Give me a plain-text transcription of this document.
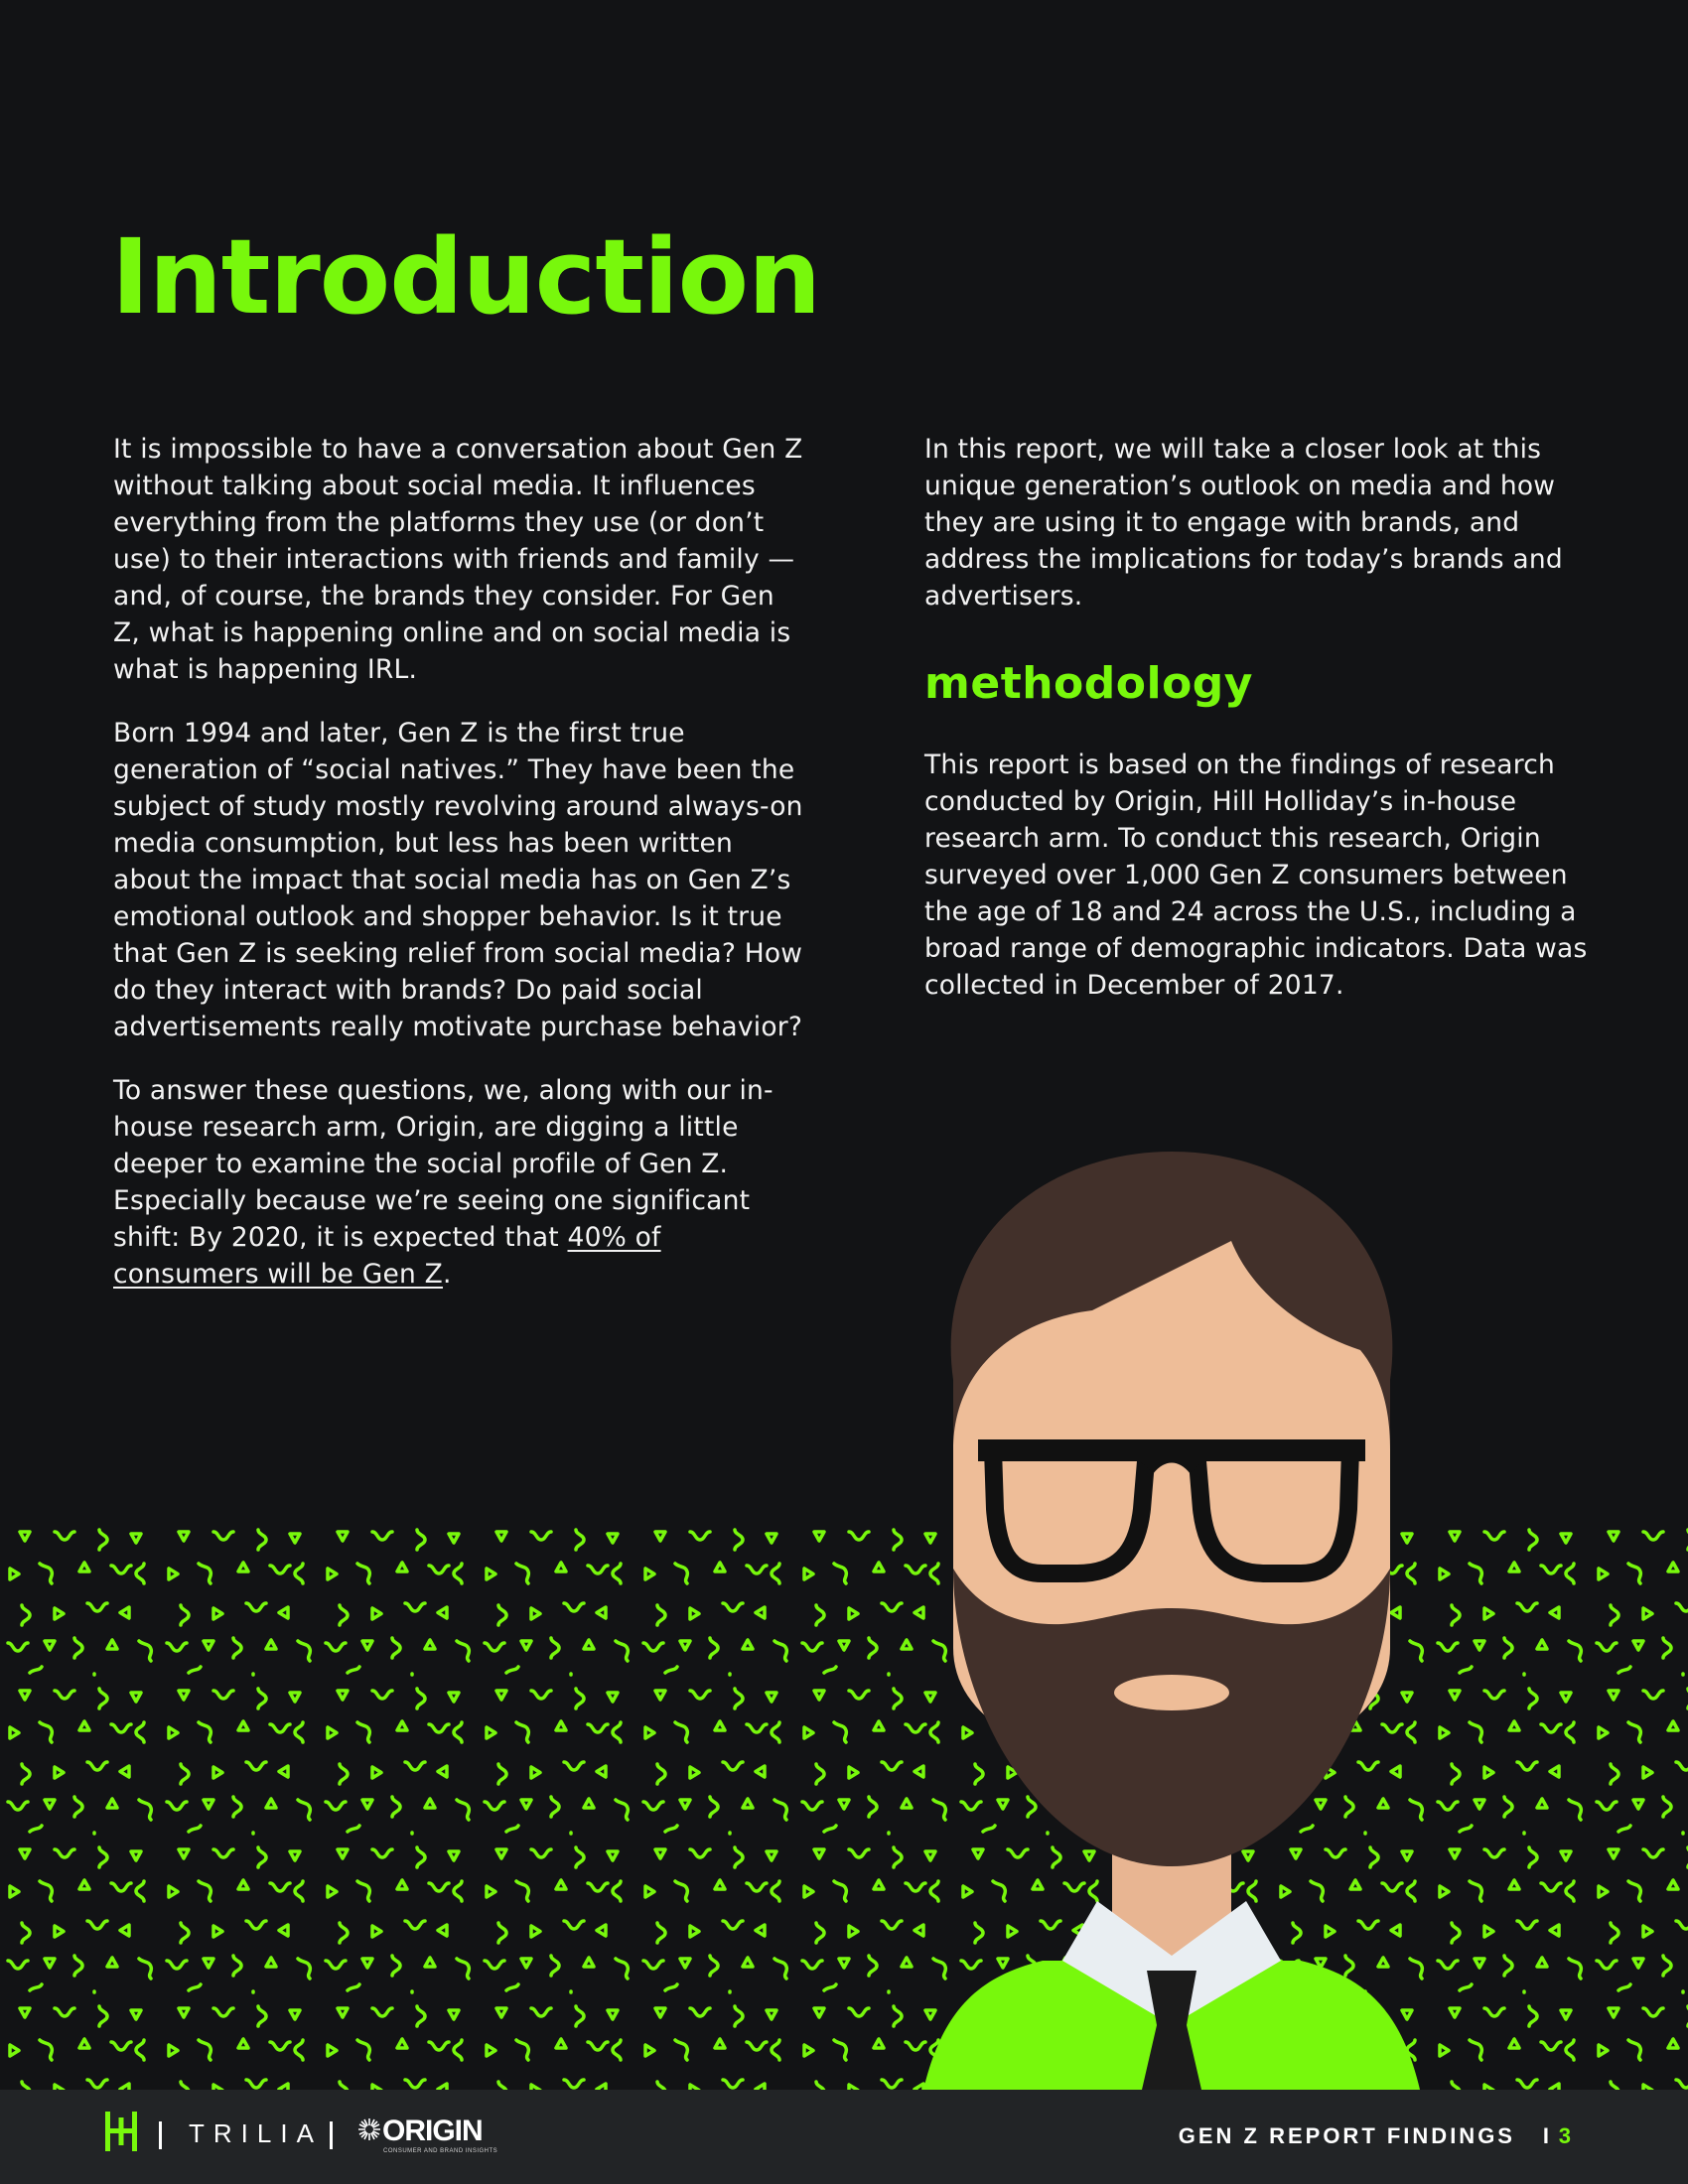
Introduction

It is impossible to have a conversation about Gen Z without talking about social media. It influences everything from the platforms they use (or don’t use) to their interactions with friends and family — and, of course, the brands they consider. For Gen Z, what is happening online and on social media is what is happening IRL.

Born 1994 and later, Gen Z is the first true generation of “social natives.” They have been the subject of study mostly revolving around always-on media consumption, but less has been written about the impact that social media has on Gen Z’s emotional outlook and shopper behavior. Is it true that Gen Z is seeking relief from social media? How do they interact with brands? Do paid social advertisements really motivate purchase behavior?

To answer these questions, we, along with our in-house research arm, Origin, are digging a little deeper to examine the social profile of Gen Z. Especially because we’re seeing one significant shift: By 2020, it is expected that 40% of consumers will be Gen Z.

In this report, we will take a closer look at this unique generation’s outlook on media and how they are using it to engage with brands, and address the implications for today’s brands and advertisers.

methodology

This report is based on the findings of research conducted by Origin, Hill Holliday’s in-house research arm. To conduct this research, Origin surveyed over 1,000 Gen Z consumers between the age of 18 and 24 across the U.S., including a broad range of demographic indicators. Data was collected in December of 2017.

TRILIA ORIGIN
CONSUMER AND BRAND INSIGHTS
GEN Z REPORT FINDINGS I 3
